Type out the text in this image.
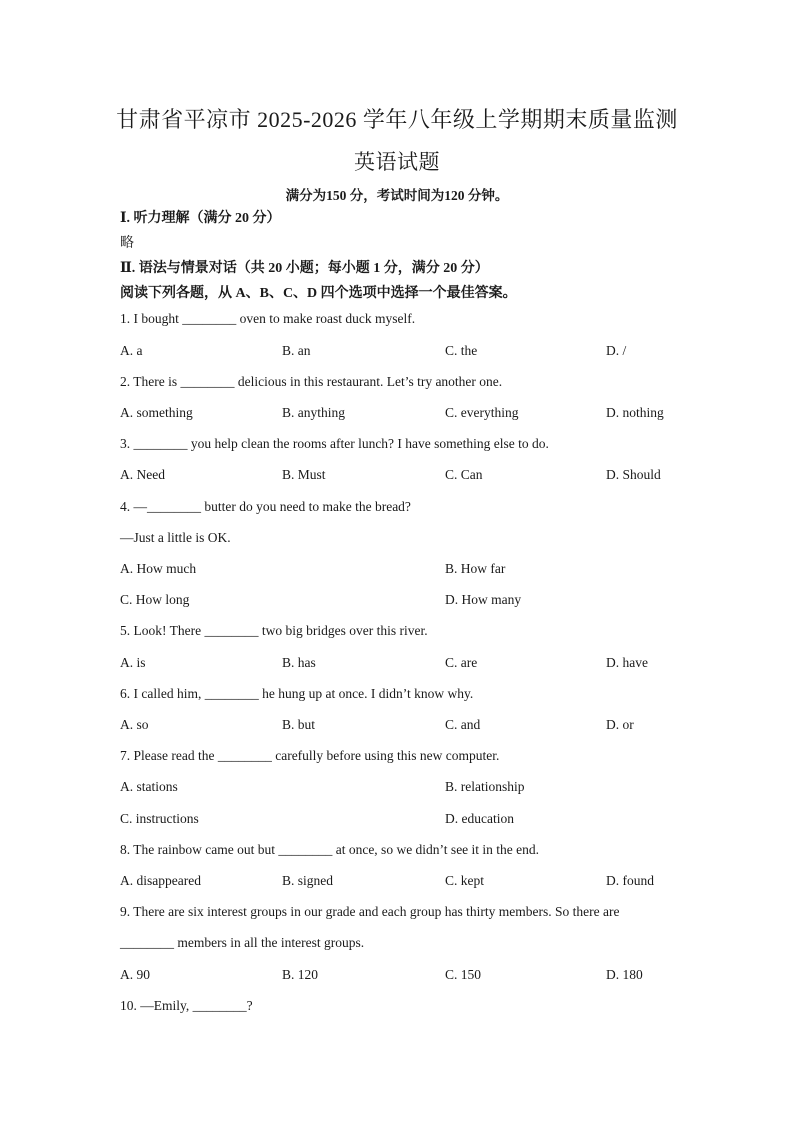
甘肃省平凉市 2025-2026 学年八年级上学期期末质量监测
英语试题
满分为150 分，考试时间为120 分钟。
Ⅰ. 听力理解（满分 20 分）
略
Ⅱ. 语法与情景对话（共 20 小题；每小题 1 分，满分 20 分）
阅读下列各题，从 A、B、C、D 四个选项中选择一个最佳答案。
1. I bought ________ oven to make roast duck myself.
A. a	B. an	C. the	D. /
2. There is ________ delicious in this restaurant. Let’s try another one.
A. something	B. anything	C. everything	D. nothing
3. ________ you help clean the rooms after lunch? I have something else to do.
A. Need	B. Must	C. Can	D. Should
4. —________ butter do you need to make the bread?
—Just a little is OK.
A. How much	B. How far
C. How long	D. How many
5. Look! There ________ two big bridges over this river.
A. is	B. has	C. are	D. have
6. I called him, ________ he hung up at once. I didn’t know why.
A. so	B. but	C. and	D. or
7. Please read the ________ carefully before using this new computer.
A. stations	B. relationship
C. instructions	D. education
8. The rainbow came out but ________ at once, so we didn’t see it in the end.
A. disappeared	B. signed	C. kept	D. found
9. There are six interest groups in our grade and each group has thirty members. So there are
________ members in all the interest groups.
A. 90	B. 120	C. 150	D. 180
10. —Emily, ________?
